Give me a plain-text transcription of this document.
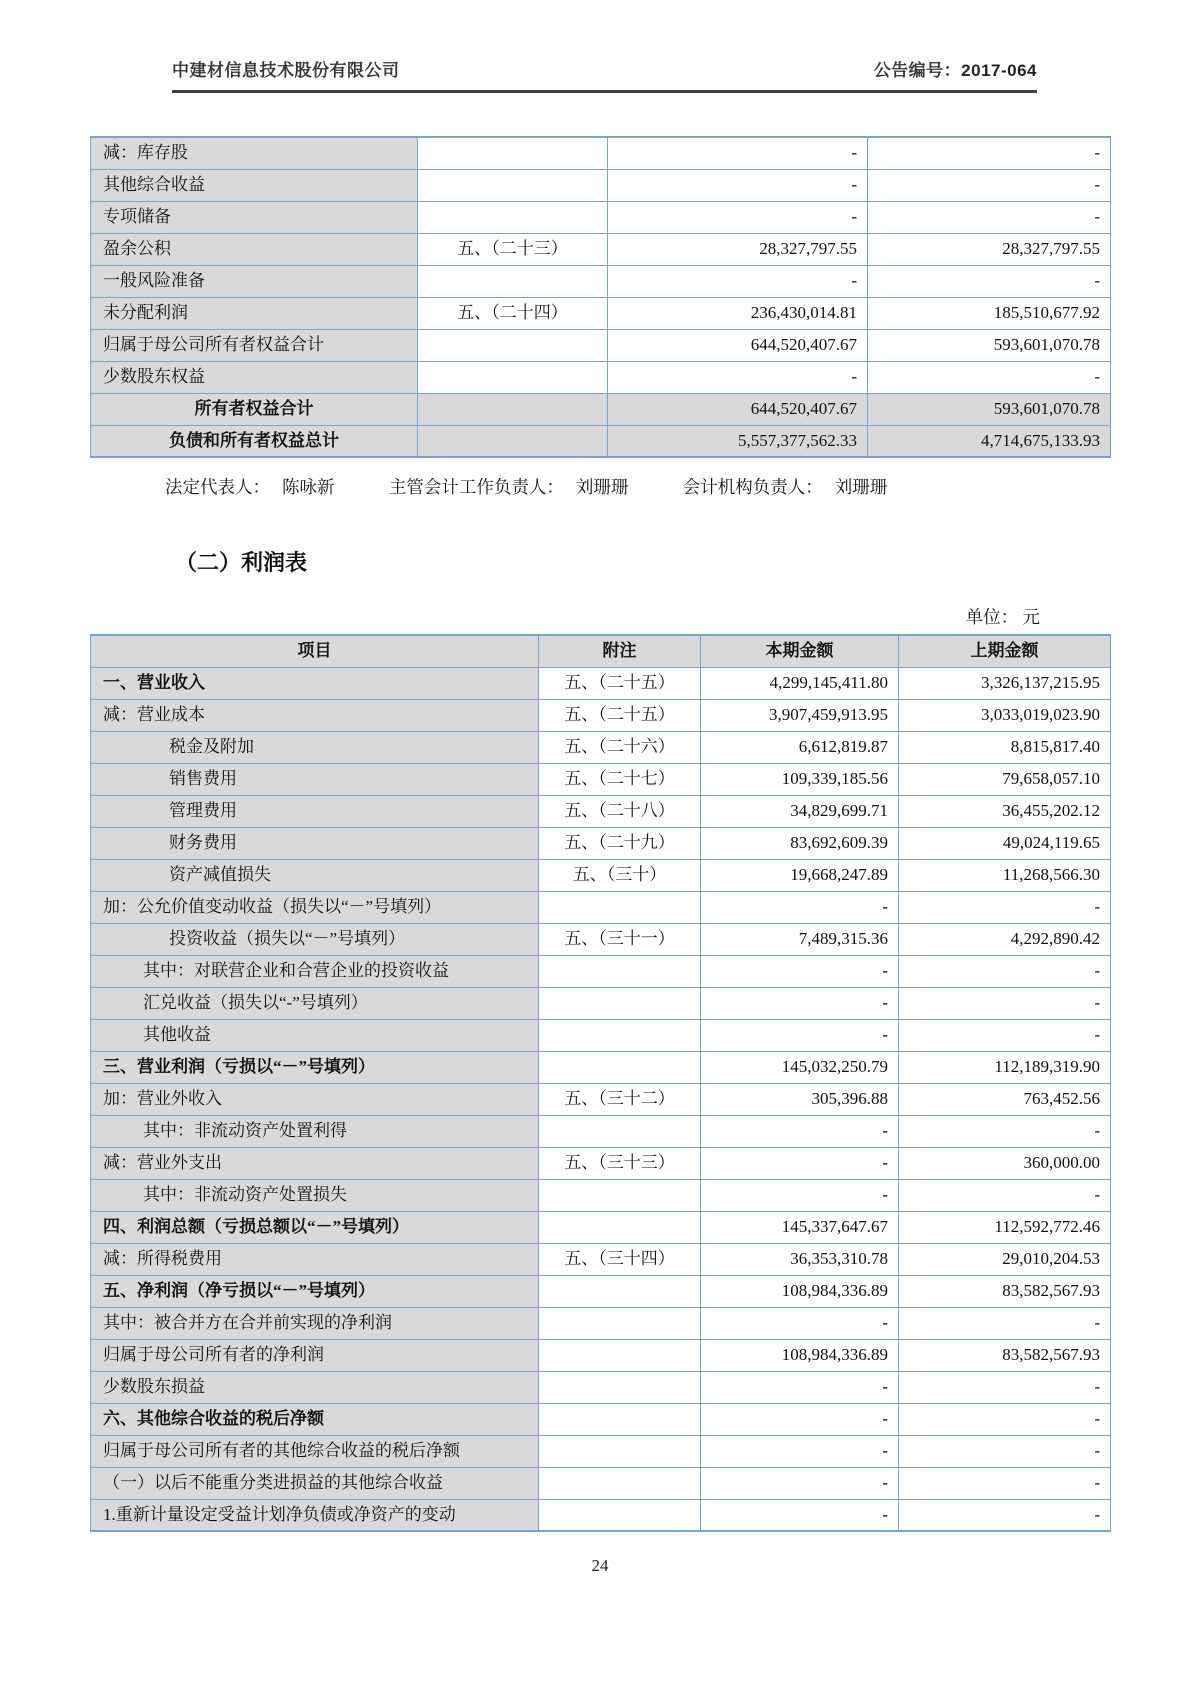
中建材信息技术股份有限公司	公告编号： 2017-064
减：库存股		-	-
其他综合收益		-	-
专项储备		-	-
盈余公积	五、（二十三）	28,327,797.55	28,327,797.55
一般风险准备		-	-
未分配利润	五、（二十四）	236,430,014.81	185,510,677.92
归属于母公司所有者权益合计		644,520,407.67	593,601,070.78
少数股东权益		-	-
所有者权益合计		644,520,407.67	593,601,070.78
负债和所有者权益总计		5,557,377,562.33	4,714,675,133.93
法定代表人： 陈咏新	主管会计工作负责人： 刘珊珊	会计机构负责人： 刘珊珊
（二）利润表
单位： 元
项目	附注	本期金额	上期金额
一、营业收入	五、（二十五）	4,299,145,411.80	3,326,137,215.95
减：营业成本	五、（二十五）	3,907,459,913.95	3,033,019,023.90
税金及附加	五、（二十六）	6,612,819.87	8,815,817.40
销售费用	五、（二十七）	109,339,185.56	79,658,057.10
管理费用	五、（二十八）	34,829,699.71	36,455,202.12
财务费用	五、（二十九）	83,692,609.39	49,024,119.65
资产减值损失	五、（三十）	19,668,247.89	11,268,566.30
加：公允价值变动收益（损失以“－”号填列）		-	-
投资收益（损失以“－”号填列）	五、（三十一）	7,489,315.36	4,292,890.42
其中：对联营企业和合营企业的投资收益		-	-
汇兑收益（损失以“-”号填列）		-	-
其他收益		-	-
三、营业利润（亏损以“－”号填列）		145,032,250.79	112,189,319.90
加：营业外收入	五、（三十二）	305,396.88	763,452.56
其中：非流动资产处置利得		-	-
减：营业外支出	五、（三十三）	-	360,000.00
其中：非流动资产处置损失		-	-
四、利润总额（亏损总额以“－”号填列）		145,337,647.67	112,592,772.46
减：所得税费用	五、（三十四）	36,353,310.78	29,010,204.53
五、净利润（净亏损以“－”号填列）		108,984,336.89	83,582,567.93
其中：被合并方在合并前实现的净利润		-	-
归属于母公司所有者的净利润		108,984,336.89	83,582,567.93
少数股东损益		-	-
六、其他综合收益的税后净额		-	-
归属于母公司所有者的其他综合收益的税后净额		-	-
（一）以后不能重分类进损益的其他综合收益		-	-
1.重新计量设定受益计划净负债或净资产的变动		-	-
24
